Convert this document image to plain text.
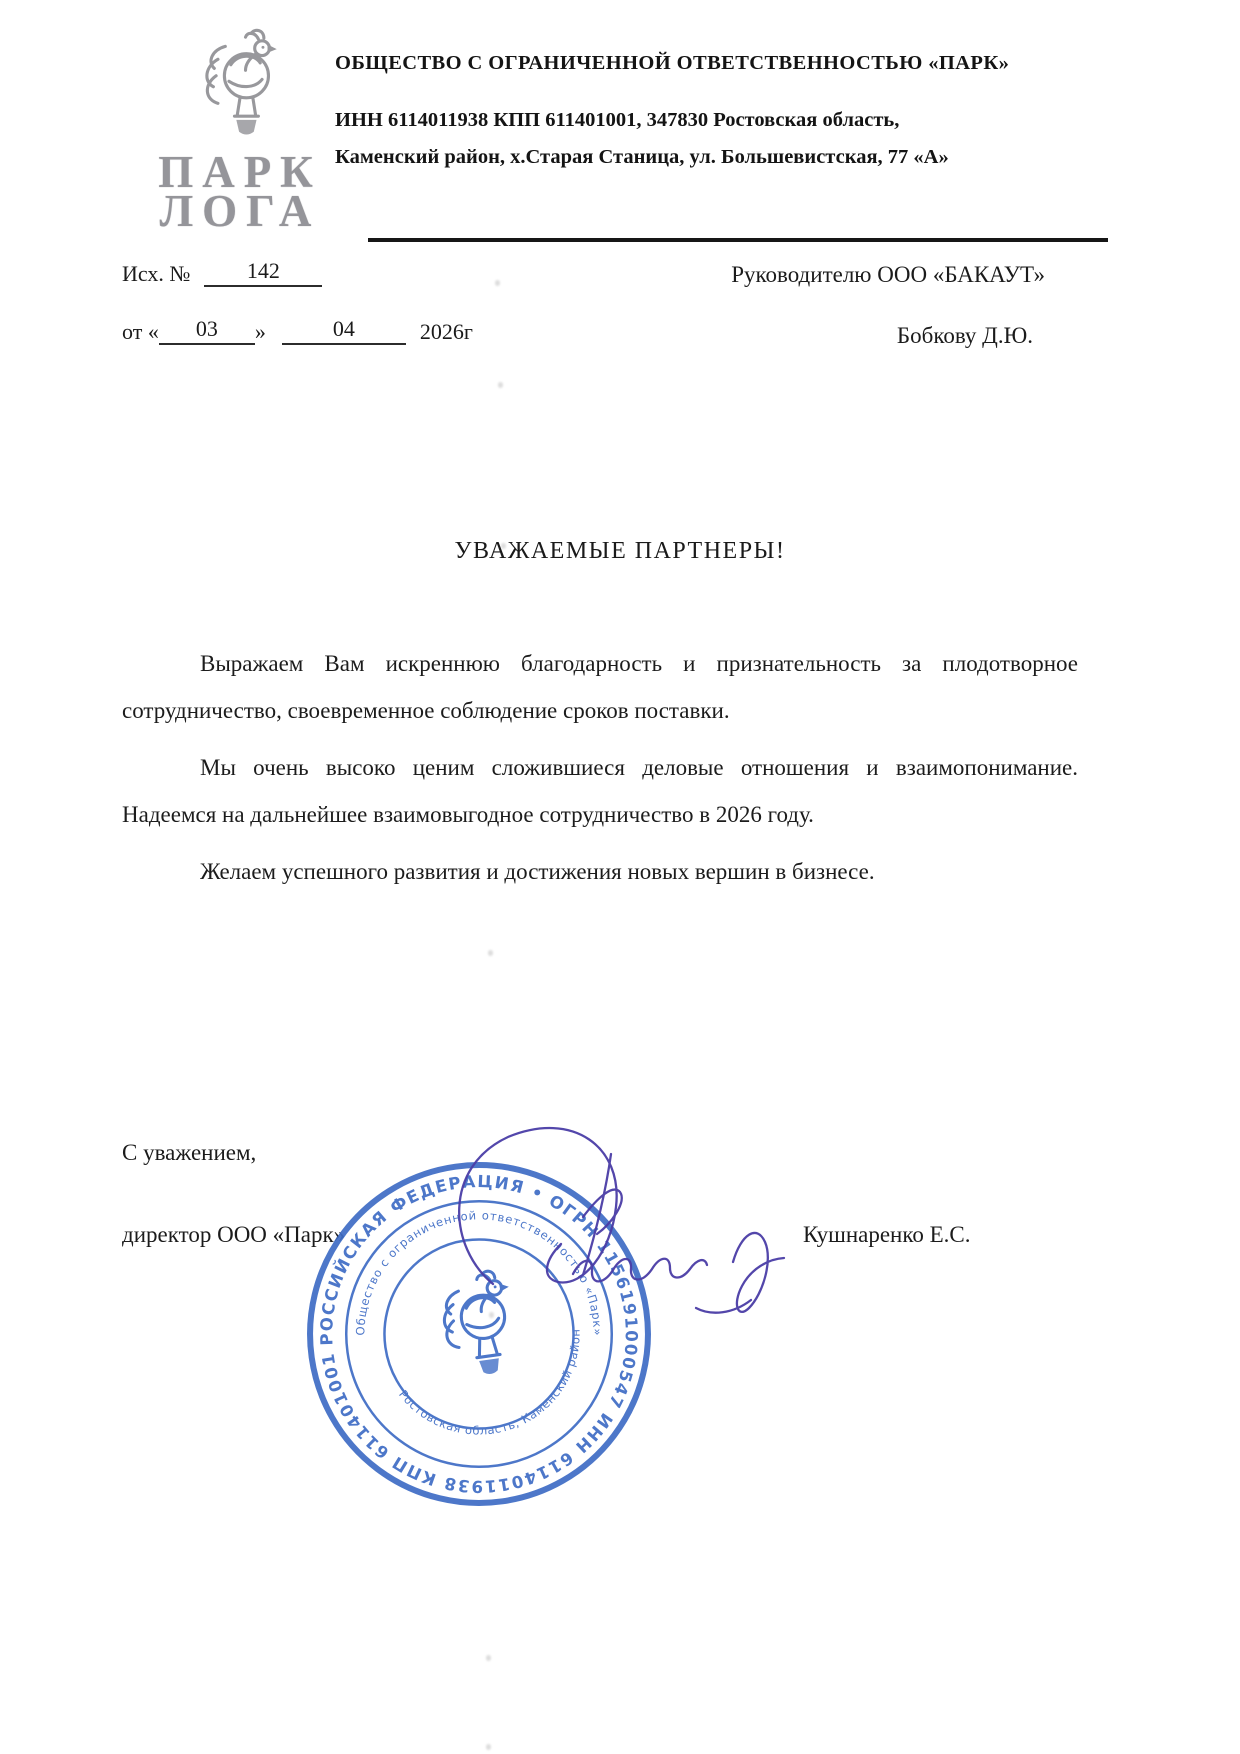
ПАРК
ЛОГА

ОБЩЕСТВО С ОГРАНИЧЕННОЙ ОТВЕТСТВЕННОСТЬЮ «ПАРК»

ИНН 6114011938 КПП 611401001, 347830 Ростовская область,

Каменский район, х.Старая Станица, ул. Большевистская, 77 «А»

Исх. №	142
от « 03 »	04	2026г
Руководителю ООО «БАКАУТ»
Бобкову Д.Ю.
УВАЖАЕМЫЕ ПАРТНЕРЫ!

Выражаем Вам искреннюю благодарность и признательность за плодотворное сотрудничество, своевременное соблюдение сроков поставки.

Мы очень высоко ценим сложившиеся деловые отношения и взаимопонимание. Надеемся на дальнейшее взаимовыгодное сотрудничество в 2026 году.

Желаем успешного развития и достижения новых вершин в бизнесе.

С уважением,
директор ООО «Парк»	Кушнаренко Е.С.
РОССИЙСКАЯ ФЕДЕРАЦИЯ • ОГРН 1156191000547 ИНН 6114011938 КПП 611401001
Общество с ограниченной ответственностью «Парк»
Ростовская область, Каменский район
